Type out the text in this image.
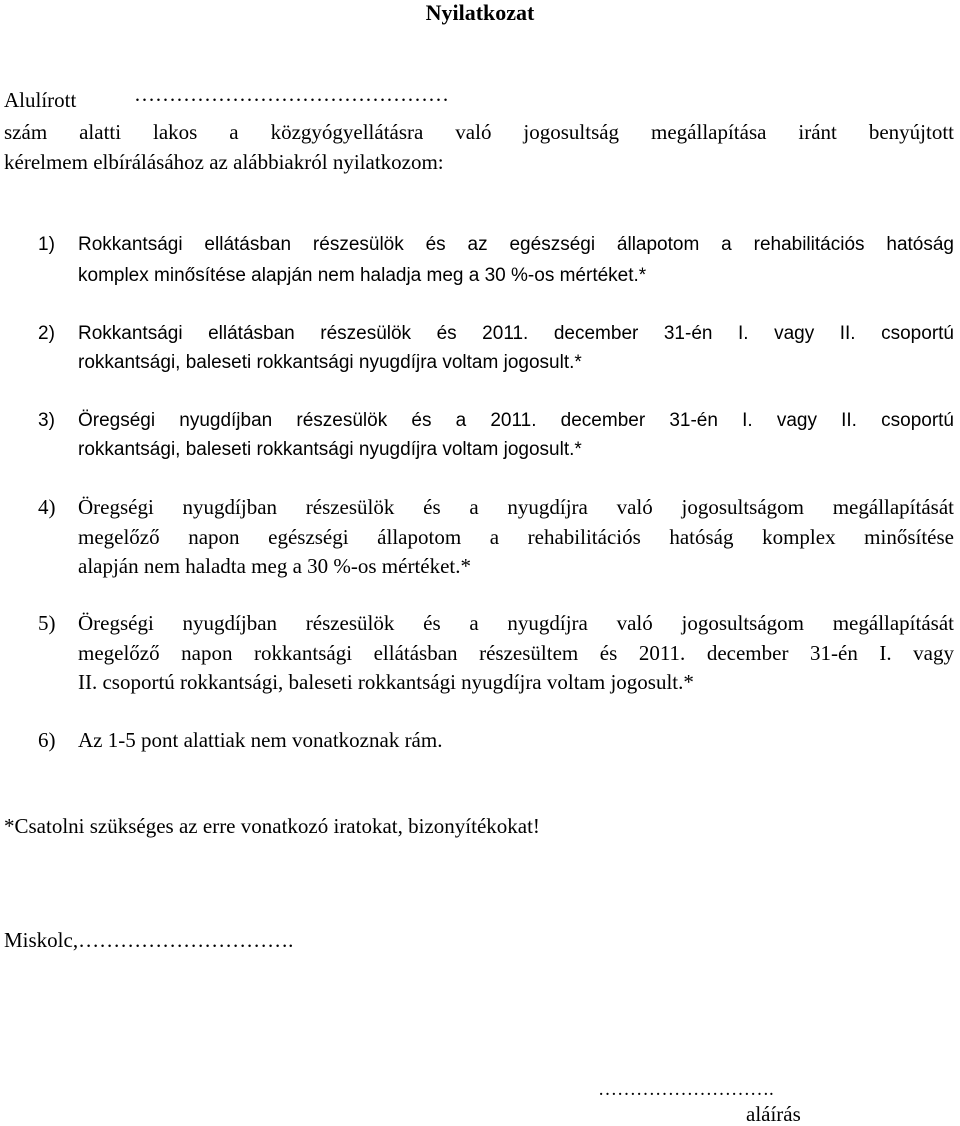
Nyilatkozat
Alulírott	………………………………………
szám alatti lakos a közgyógyellátásra való jogosultság megállapítása iránt benyújtott
kérelmem elbírálásához az alábbiakról nyilatkozom:
1) Rokkantsági ellátásban részesülök és az egészségi állapotom a rehabilitációs hatóság
komplex minősítése alapján nem haladja meg a 30 %-os mértéket.*
2) Rokkantsági ellátásban részesülök és 2011. december 31-én I. vagy II. csoportú
rokkantsági, baleseti rokkantsági nyugdíjra voltam jogosult.*
3) Öregségi nyugdíjban részesülök és a 2011. december 31-én I. vagy II. csoportú
rokkantsági, baleseti rokkantsági nyugdíjra voltam jogosult.*
4) Öregségi nyugdíjban részesülök és a nyugdíjra való jogosultságom megállapítását
megelőző napon egészségi állapotom a rehabilitációs hatóság komplex minősítése
alapján nem haladta meg a 30 %-os mértéket.*
5) Öregségi nyugdíjban részesülök és a nyugdíjra való jogosultságom megállapítását
megelőző napon rokkantsági ellátásban részesültem és 2011. december 31-én I. vagy
II. csoportú rokkantsági, baleseti rokkantsági nyugdíjra voltam jogosult.*
6) Az 1-5 pont alattiak nem vonatkoznak rám.
*Csatolni szükséges az erre vonatkozó iratokat, bizonyítékokat!
Miskolc,………………………….
……………………….
aláírás
